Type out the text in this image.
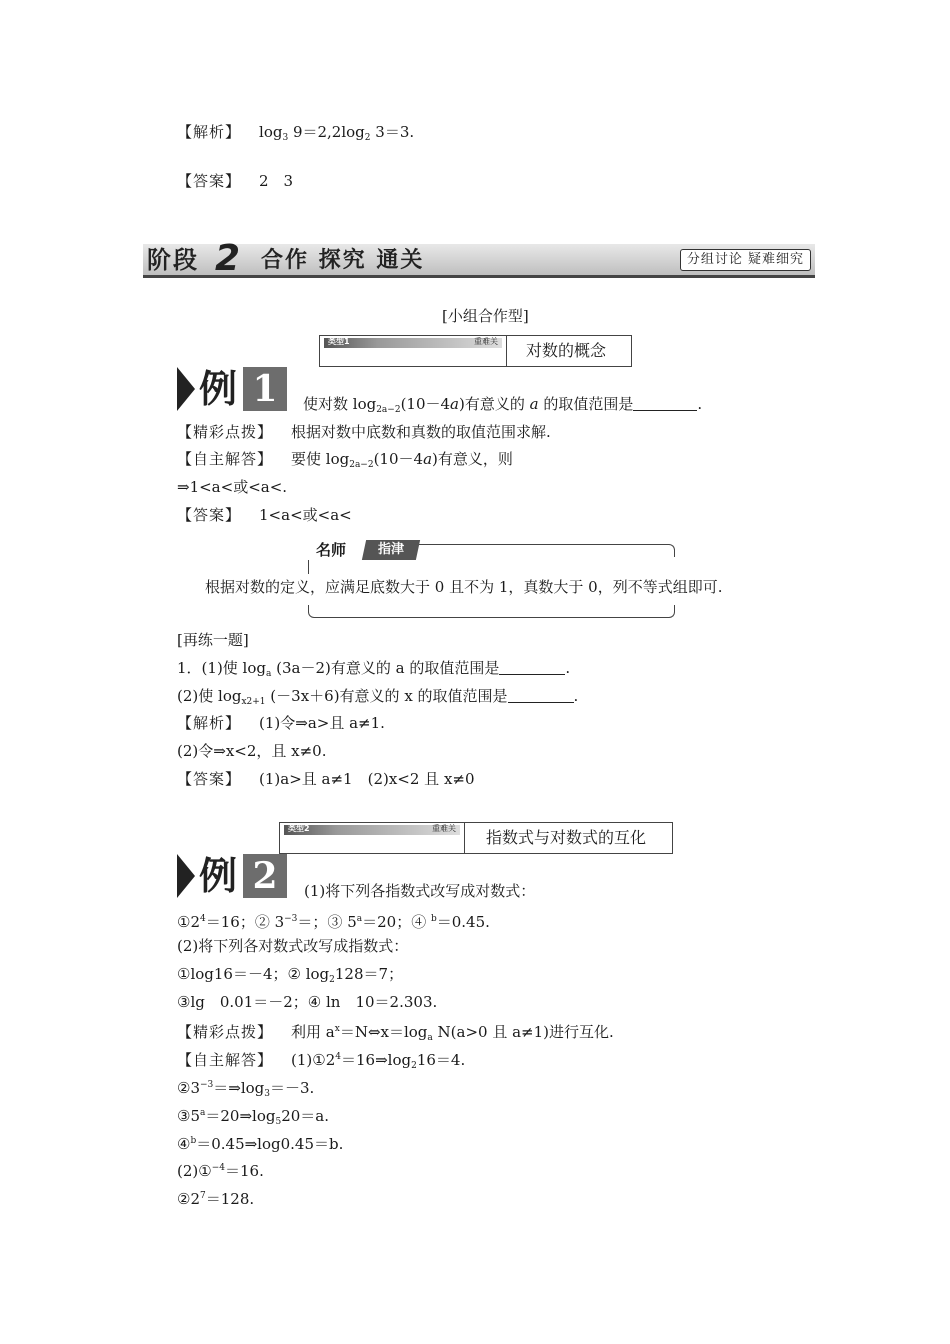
【解析】 $\log_3 9=2,2\log_2$ 3＝3.
【答案】 2　3
阶段 2 合作 探究 通关	分组讨论 疑难细究
[小组合作型]
类型1	重难关 对数的概念
例 1	使对数 $\log_{2a-2}(10-4a)$有意义的 a 的取值范围是	.
【精彩点拨】 根据对数中底数和真数的取值范围求解.
【自主解答】 要使 $\log_{2a-2}(10-4a)$有意义，则
⇒1<a<或<a<.
【答案】 1<a<或<a<
名师	指津
根据对数的定义，应满足底数大于 0 且不为 1，真数大于 0，列不等式组即可.
[再练一题]
1．(1)使 $\log_a (3a-2)$有意义的 a 的取值范围是	.
(2)使 $\log_{x2+1} (-3x+6)$有意义的 x 的取值范围是	.
【解析】 (1)令⇒a>且 a≠1.
(2)令⇒x<2，且 x≠0.
【答案】 (1)a>且 a≠1　(2)x<2 且 x≠0
类型2	重难关 指数式与对数式的互化
例 2	(1)将下列各指数式改写成对数式：
$①2^4=16$；② $3^{-3}=$；③ $5^a=20$；④ $^b$＝0.45.
(2)将下列各对数式改写成指数式：
①log16＝－4；② $\log_2128=7$；
③lg　0.01＝－2；④ ln　10＝2.303.
【精彩点拨】 利用 $a^x=N\Leftrightarrow x=\log_a$ N(a>0 且 a≠1)进行互化.
【自主解答】 $(1)①2^4=16\Rightarrow\log_216=4$.
$②3^{-3}=\Rightarrow\log_3=-3$.
$③5^a=20\Rightarrow\log_520=a$.
④$^b$＝0.45⇒log0.45＝b.
(2)①$^{-4}$＝16.
$②2^7=128$.
